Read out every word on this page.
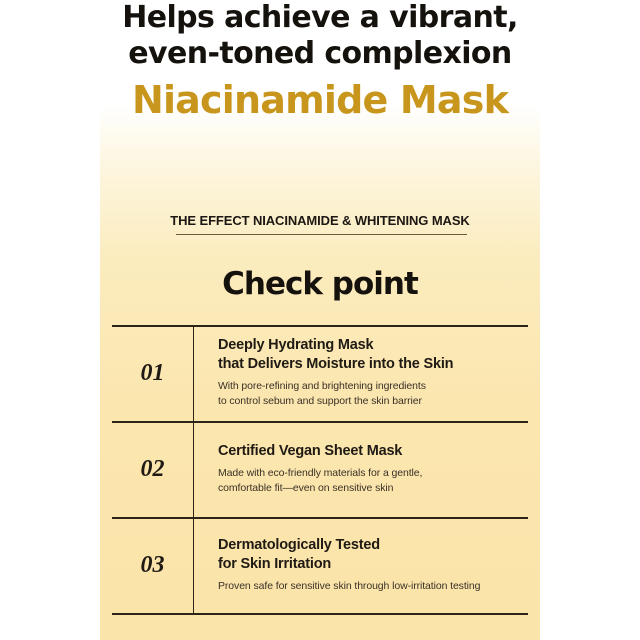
Helps achieve a vibrant,
even-toned complexion
Niacinamide Mask
THE EFFECT NIACINAMIDE & WHITENING MASK
Check point
01
Deeply Hydrating Mask
that Delivers Moisture into the Skin
With pore-refining and brightening ingredients
to control sebum and support the skin barrier
02
Certified Vegan Sheet Mask
Made with eco-friendly materials for a gentle,
comfortable fit—even on sensitive skin
03
Dermatologically Tested
for Skin Irritation
Proven safe for sensitive skin through low-irritation testing
